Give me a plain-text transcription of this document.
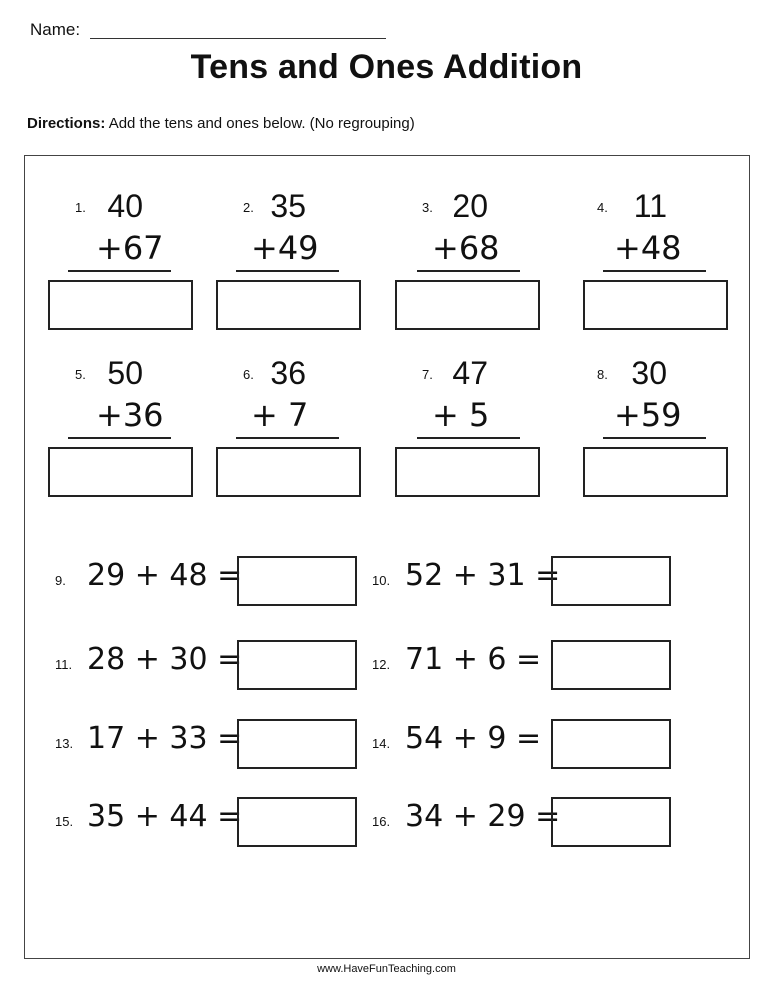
Name:
Tens and Ones Addition
Directions: Add the tens and ones below. (No regrouping)
1. 40
+67
2. 35
+49
3. 20
+68
4. 11
+48
5. 50
+36
6. 36
+ 7
7. 47
+ 5
8. 30
+59
9. 29 + 48 =	10. 52 + 31 =
11. 28 + 30 =	12. 71 + 6 =
13. 17 + 33 =	14. 54 + 9 =
15. 35 + 44 =	16. 34 + 29 =
www.HaveFunTeaching.com
